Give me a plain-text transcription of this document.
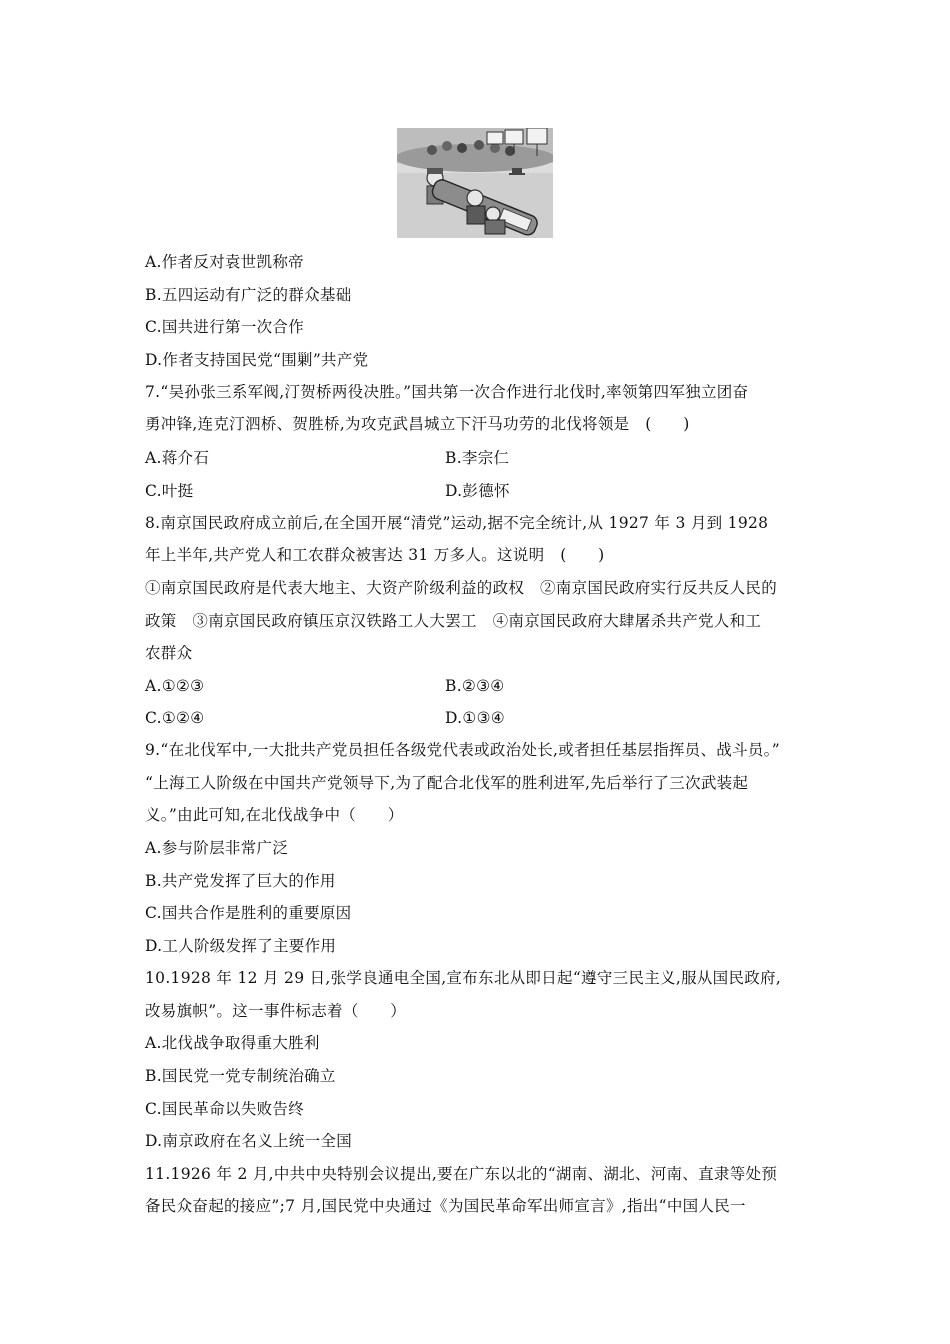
A.作者反对袁世凯称帝
B.五四运动有广泛的群众基础
C.国共进行第一次合作
D.作者支持国民党“围剿”共产党
7.“吴孙张三系军阀,汀贺桥两役决胜。”国共第一次合作进行北伐时,率领第四军独立团奋
勇冲锋,连克汀泗桥、贺胜桥,为攻克武昌城立下汗马功劳的北伐将领是　(　　)
A.蒋介石	B.李宗仁
C.叶挺	D.彭德怀
8.南京国民政府成立前后,在全国开展“清党”运动,据不完全统计,从 1927 年 3 月到 1928
年上半年,共产党人和工农群众被害达 31 万多人。这说明　(　　)
①南京国民政府是代表大地主、大资产阶级利益的政权　②南京国民政府实行反共反人民的
政策　③南京国民政府镇压京汉铁路工人大罢工　④南京国民政府大肆屠杀共产党人和工
农群众
A.①②③	B.②③④
C.①②④	D.①③④
9.“在北伐军中,一大批共产党员担任各级党代表或政治处长,或者担任基层指挥员、战斗员。”
“上海工人阶级在中国共产党领导下,为了配合北伐军的胜利进军,先后举行了三次武装起
义。”由此可知,在北伐战争中（　　）
A.参与阶层非常广泛
B.共产党发挥了巨大的作用
C.国共合作是胜利的重要原因
D.工人阶级发挥了主要作用
10.1928 年 12 月 29 日,张学良通电全国,宣布东北从即日起“遵守三民主义,服从国民政府,
改易旗帜”。这一事件标志着（　　）
A.北伐战争取得重大胜利
B.国民党一党专制统治确立
C.国民革命以失败告终
D.南京政府在名义上统一全国
11.1926 年 2 月,中共中央特别会议提出,要在广东以北的“湖南、湖北、河南、直隶等处预
备民众奋起的接应”;7 月,国民党中央通过《为国民革命军出师宣言》,指出“中国人民一
